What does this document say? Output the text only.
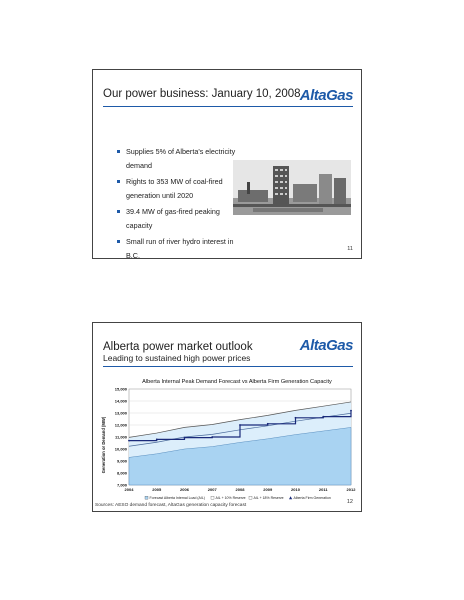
Our power business: January 10, 2008 AltaGas
Supplies 5% of Alberta's electricity demand
Rights to 353 MW of coal-fired generation until 2020
39.4 MW of gas-fired peaking capacity
Small run of river hydro interest in B.C.
11
Alberta power market outlook
Leading to sustained high power prices
AltaGas
Alberta Internal Peak Demand Forecast vs Alberta Firm Generation Capacity
Generation or Demand (MW)
7,000
8,000
9,000
10,000
11,000
12,000
13,000
14,000
15,000
2004	2005	2006	2007	2008	2009	2010	2011	2012
Forecast Alberta Internal Load (AIL)	AIL + 10% Reserve AIL + 18% Reserve	Alberta Firm Generation
12
Sources: AESO demand forecast, AltaGas generation capacity forecast
